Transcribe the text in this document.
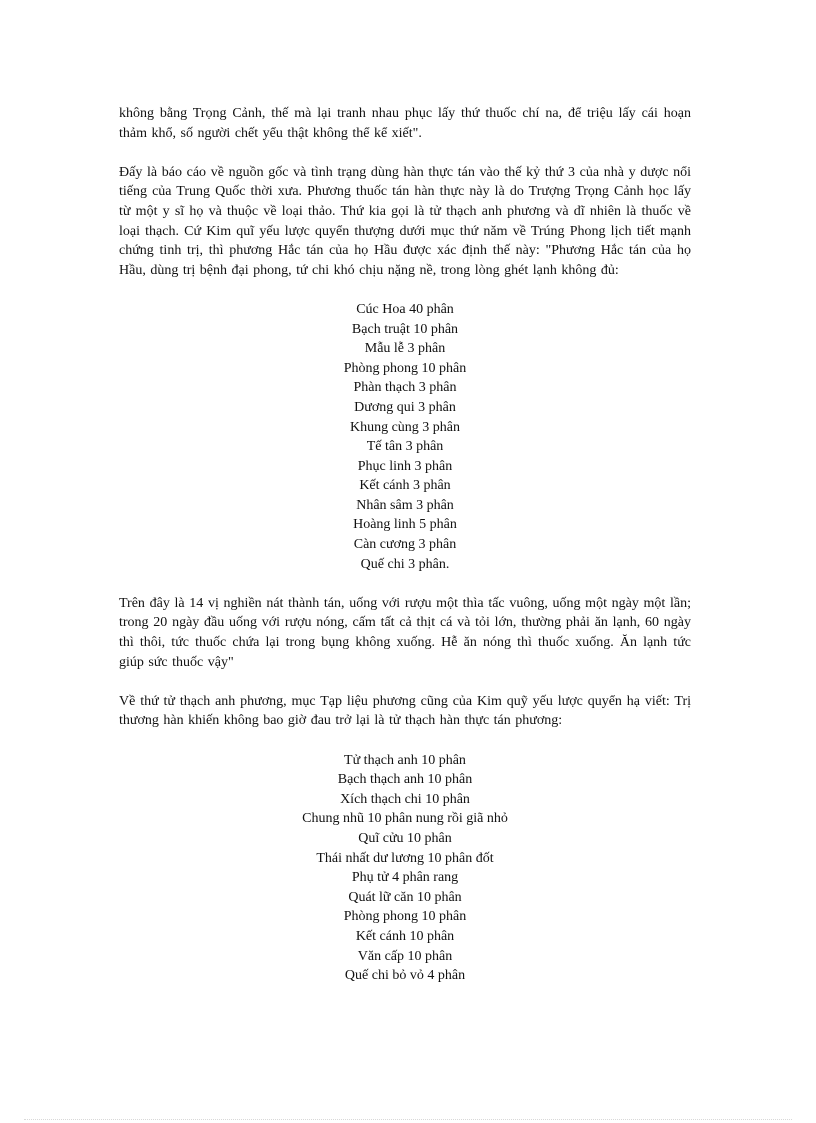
không bằng Trọng Cảnh, thế mà lại tranh nhau phục lấy thứ thuốc chí na, để triệu lấy cái hoạn thảm khổ, số người chết yểu thật không thể kể xiết".

Đấy là báo cáo về nguồn gốc và tình trạng dùng hàn thực tán vào thế kỷ thứ 3 của nhà y dược nổi tiếng của Trung Quốc thời xưa. Phương thuốc tán hàn thực này là do Trượng Trọng Cảnh học lấy từ một y sĩ họ và thuộc về loại thảo. Thứ kia gọi là tử thạch anh phương và dĩ nhiên là thuốc về loại thạch. Cứ Kim quĩ yếu lược quyển thượng dưới mục thứ năm về Trúng Phong lịch tiết mạnh chứng tinh trị, thì phương Hắc tán của họ Hầu được xác định thế này: "Phương Hắc tán của họ Hầu, dùng trị bệnh đại phong, tứ chi khó chịu nặng nề, trong lòng ghét lạnh không đủ:

Cúc Hoa 40 phân
Bạch truật 10 phân
Mẫu lễ 3 phân
Phòng phong 10 phân
Phàn thạch 3 phân
Dương qui 3 phân
Khung cùng 3 phân
Tế tân 3 phân
Phục linh 3 phân
Kết cánh 3 phân
Nhân sâm 3 phân
Hoàng linh 5 phân
Càn cương 3 phân
Quế chi 3 phân.

Trên đây là 14 vị nghiền nát thành tán, uống với rượu một thìa tấc vuông, uống một ngày một lần; trong 20 ngày đầu uống với rượu nóng, cấm tất cả thịt cá và tỏi lớn, thường phải ăn lạnh, 60 ngày thì thôi, tức thuốc chứa lại trong bụng không xuống. Hễ ăn nóng thì thuốc xuống. Ăn lạnh tức giúp sức thuốc vậy"

Về thứ tử thạch anh phương, mục Tạp liệu phương cũng của Kim quỹ yếu lược quyển hạ viết: Trị thương hàn khiến không bao giờ đau trở lại là tử thạch hàn thực tán phương:

Tử thạch anh 10 phân
Bạch thạch anh 10 phân
Xích thạch chi 10 phân
Chung nhũ 10 phân nung rồi giã nhỏ
Quĩ cửu 10 phân
Thái nhất dư lương 10 phân đốt
Phụ tử 4 phân rang
Quát lữ căn 10 phân
Phòng phong 10 phân
Kết cánh 10 phân
Văn cấp 10 phân
Quế chi bỏ vỏ 4 phân
